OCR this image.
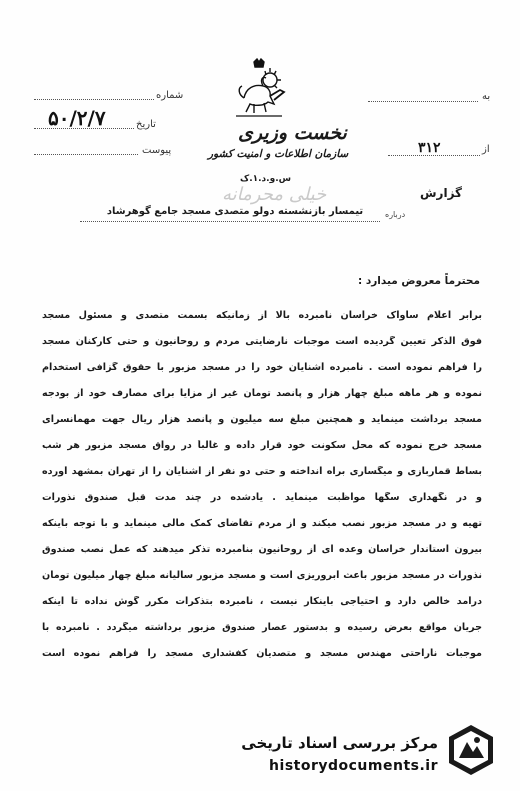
به
۳۱۲	از
شماره
۵۰/۲/۷	تاریخ
پیوست
نخست وزیری
سازمان اطلاعات و امنیت کشور
س.و.د.۱.ک
گزارش
خیلی محرمانه
تیمسار بازنشسته دولو متصدی مسجد جامع گوهرشاد	درباره
محترماً معروض میدارد :
برابر اعلام ساواک خراسان نامبرده بالا از زمانیکه بسمت متصدی و مسئول مسجد
فوق الذکر تعیین گردیده است موجبات نارضایتی مردم و روحانیون و حتی کارکنان مسجد
را فراهم نموده است . نامبرده آشنایان خود را در مسجد مزبور با حقوق گزافی استخدام
نموده و هر ماهه مبلغ چهار هزار و پانصد تومان غیر از مزایا برای مصارف خود از بودجه
مسجد برداشت مینماید و همچنین مبلغ سه میلیون و پانصد هزار ریال جهت مهمانسرای
مسجد خرج نموده که محل سکونت خود قرار داده و غالباً در رواق مسجد مزبور هر شب
بساط قماربازی و میگساری براه انداخته و حتی دو نفر از آشنایان را از تهران بمشهد آورده
و در نگهداری سگها مواظبت مینماید . یادشده در چند مدت قبل صندوق نذورات
تهیه و در مسجد مزبور نصب میکند و از مردم تقاضای کمک مالی مینماید و با توجه باینکه
بیرون استاندار خراسان وعده ای از روحانیون بنامبرده تذکر میدهند که عمل نصب صندوق
نذورات در مسجد مزبور باعث آبروریزی است و مسجد مزبور سالیانه مبلغ چهار میلیون تومان
درآمد خالص دارد و احتیاجی باینکار نیست ، نامبرده بتذکرات مکرر گوش نداده تا اینکه
جریان مواقع بعرض رسیده و بدستور عصار صندوق مزبور برداشته میگردد . نامبرده با
موجبات ناراحتی مهندس مسجد و متصدیان کفشداری مسجد را فراهم نموده است
مرکز بررسی اسناد تاریخی
historydocuments.ir
